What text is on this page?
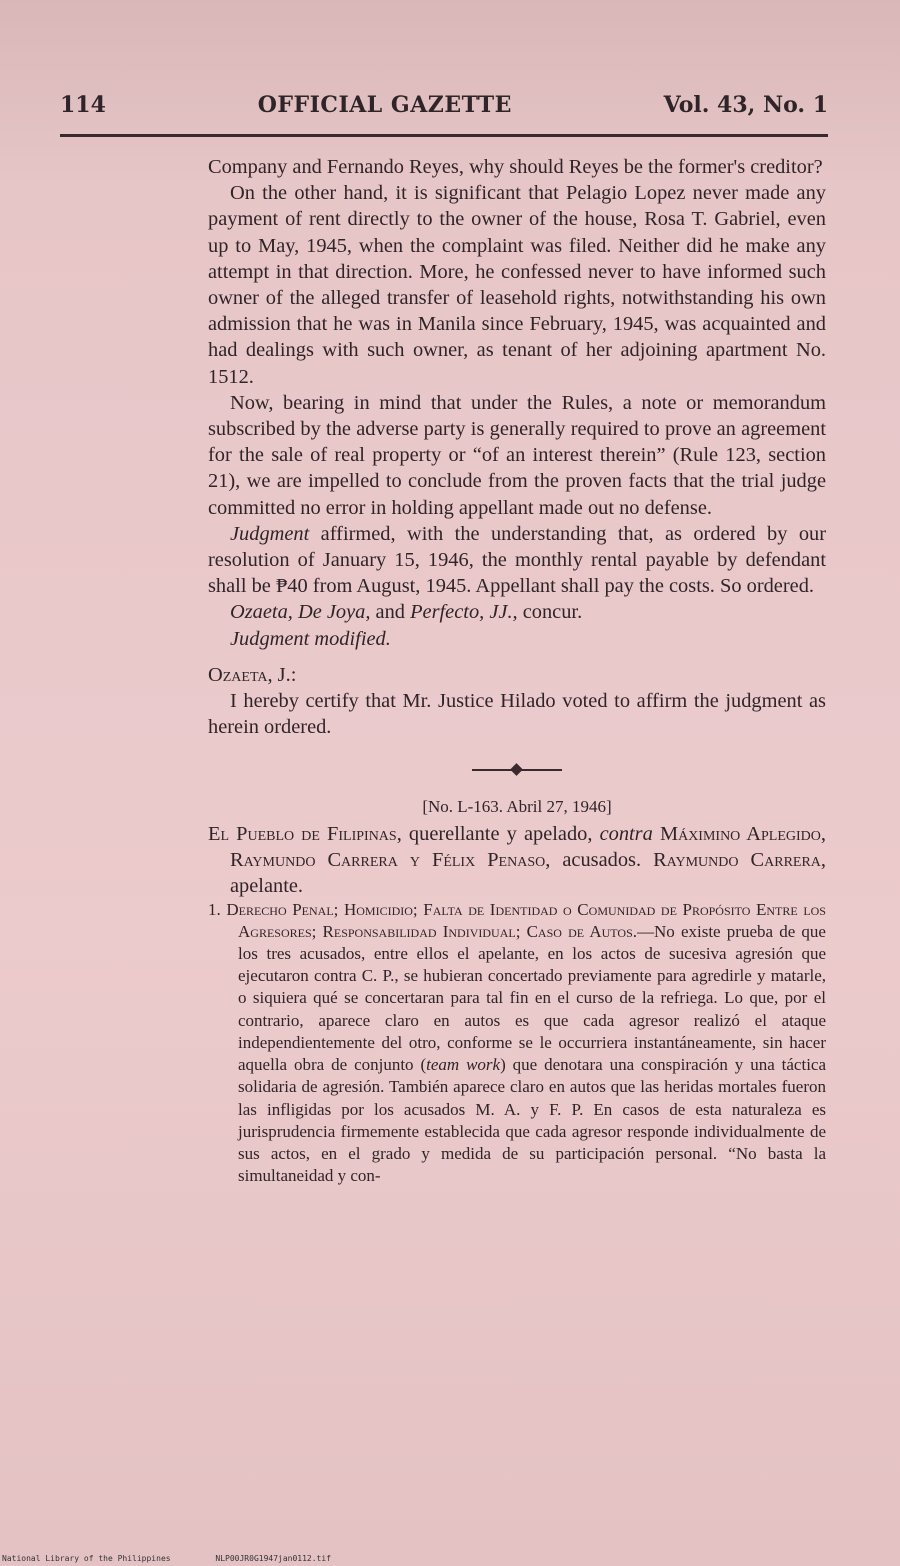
114	OFFICIAL GAZETTE	Vol. 43, No. 1

Company and Fernando Reyes, why should Reyes be the former's creditor?

On the other hand, it is significant that Pelagio Lopez never made any payment of rent directly to the owner of the house, Rosa T. Gabriel, even up to May, 1945, when the complaint was filed. Neither did he make any attempt in that direction. More, he confessed never to have informed such owner of the alleged transfer of leasehold rights, notwithstanding his own admission that he was in Manila since February, 1945, was acquainted and had dealings with such owner, as tenant of her adjoining apartment No. 1512.

Now, bearing in mind that under the Rules, a note or memorandum subscribed by the adverse party is generally required to prove an agreement for the sale of real property or “of an interest therein” (Rule 123, section 21), we are impelled to conclude from the proven facts that the trial judge committed no error in holding appellant made out no defense.

Judgment affirmed, with the understanding that, as ordered by our resolution of January 15, 1946, the monthly rental payable by defendant shall be ₱40 from August, 1945. Appellant shall pay the costs. So ordered.

Ozaeta, De Joya, and Perfecto, JJ., concur.

Judgment modified.

Ozaeta, J.:

I hereby certify that Mr. Justice Hilado voted to affirm the judgment as herein ordered.

[No. L-163. Abril 27, 1946]

El Pueblo de Filipinas, querellante y apelado, contra Máximino Aplegido, Raymundo Carrera y Félix Penaso, acusados. Raymundo Carrera, apelante.

1. Derecho Penal; Homicidio; Falta de Identidad o Comunidad de Propósito Entre los Agresores; Responsabilidad Individual; Caso de Autos.—No existe prueba de que los tres acusados, entre ellos el apelante, en los actos de sucesiva agresión que ejecutaron contra C. P., se hubieran concertado previamente para agredirle y matarle, o siquiera qué se concertaran para tal fin en el curso de la refriega. Lo que, por el contrario, aparece claro en autos es que cada agresor realizó el ataque independientemente del otro, conforme se le occurriera instantáneamente, sin hacer aquella obra de conjunto (team work) que denotara una conspiración y una táctica solidaria de agresión. También aparece claro en autos que las heridas mortales fueron las infligidas por los acusados M. A. y F. P. En casos de esta naturaleza es jurisprudencia firmemente establecida que cada agresor responde individualmente de sus actos, en el grado y medida de su participación personal. “No basta la simultaneidad y con-

National Library of the Philippines	NLP00JR0G1947jan0112.tif
